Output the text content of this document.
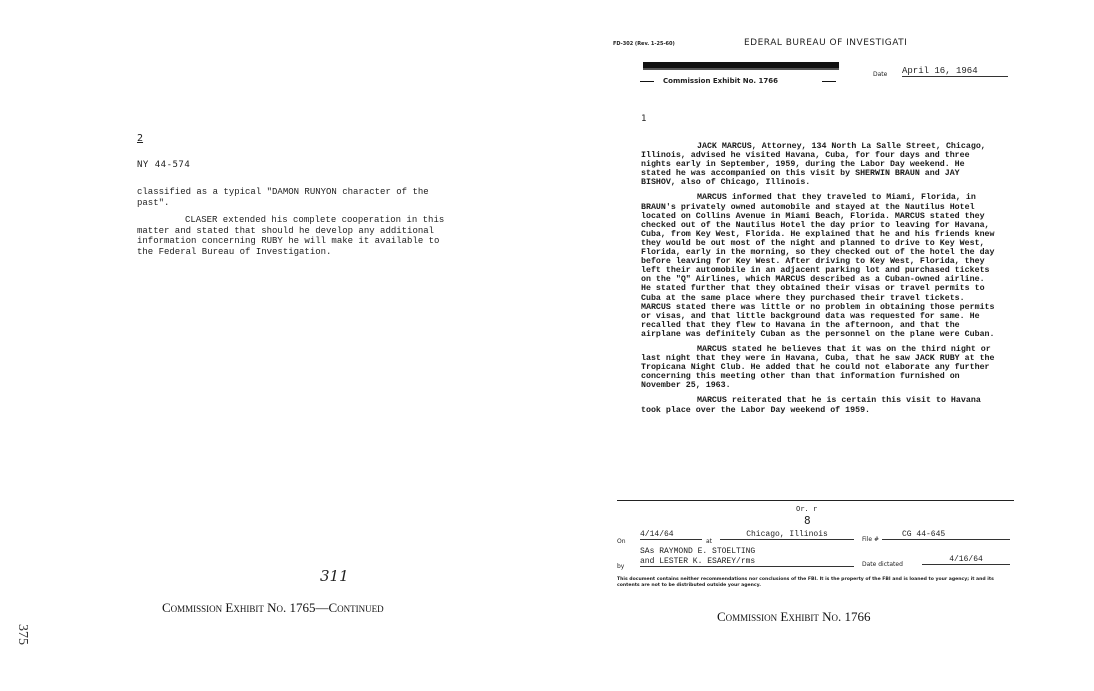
2
NY 44-574

classified as a typical "DAMON RUNYON character of the past".

CLASER extended his complete cooperation in this matter and stated that should he develop any additional information concerning RUBY he will make it available to the Federal Bureau of Investigation.

311
Commission Exhibit No. 1765—Continued
375
FD-302 (Rev. 1-25-60)	EDERAL BUREAU OF INVESTIGATI
Commission Exhibit No. 1766
Date April 16, 1964
1

JACK MARCUS, Attorney, 134 North La Salle Street, Chicago, Illinois, advised he visited Havana, Cuba, for four days and three nights early in September, 1959, during the Labor Day weekend. He stated he was accompanied on this visit by SHERWIN BRAUN and JAY BISHOV, also of Chicago, Illinois.

MARCUS informed that they traveled to Miami, Florida, in BRAUN's privately owned automobile and stayed at the Nautilus Hotel located on Collins Avenue in Miami Beach, Florida. MARCUS stated they checked out of the Nautilus Hotel the day prior to leaving for Havana, Cuba, from Key West, Florida. He explained that he and his friends knew they would be out most of the night and planned to drive to Key West, Florida, early in the morning, so they checked out of the hotel the day before leaving for Key West. After driving to Key West, Florida, they left their automobile in an adjacent parking lot and purchased tickets on the "Q" Airlines, which MARCUS described as a Cuban-owned airline. He stated further that they obtained their visas or travel permits to Cuba at the same place where they purchased their travel tickets. MARCUS stated there was little or no problem in obtaining those permits or visas, and that little background data was requested for same. He recalled that they flew to Havana in the afternoon, and that the airplane was definitely Cuban as the personnel on the plane were Cuban.

MARCUS stated he believes that it was on the third night or last night that they were in Havana, Cuba, that he saw JACK RUBY at the Tropicana Night Club. He added that he could not elaborate any further concerning this meeting other than that information furnished on November 25, 1963.

MARCUS reiterated that he is certain this visit to Havana took place over the Labor Day weekend of 1959.

Or. r
8
On
4/14/64
at
Chicago, Illinois
File #
CG 44-645
by
SAs RAYMOND E. STOELTING
and LESTER K. ESAREY/rms	Date dictated
4/16/64
This document contains neither recommendations nor conclusions of the FBI. It is the property of the FBI and is loaned to your agency; it and its contents are not to be distributed outside your agency.
Commission Exhibit No. 1766
